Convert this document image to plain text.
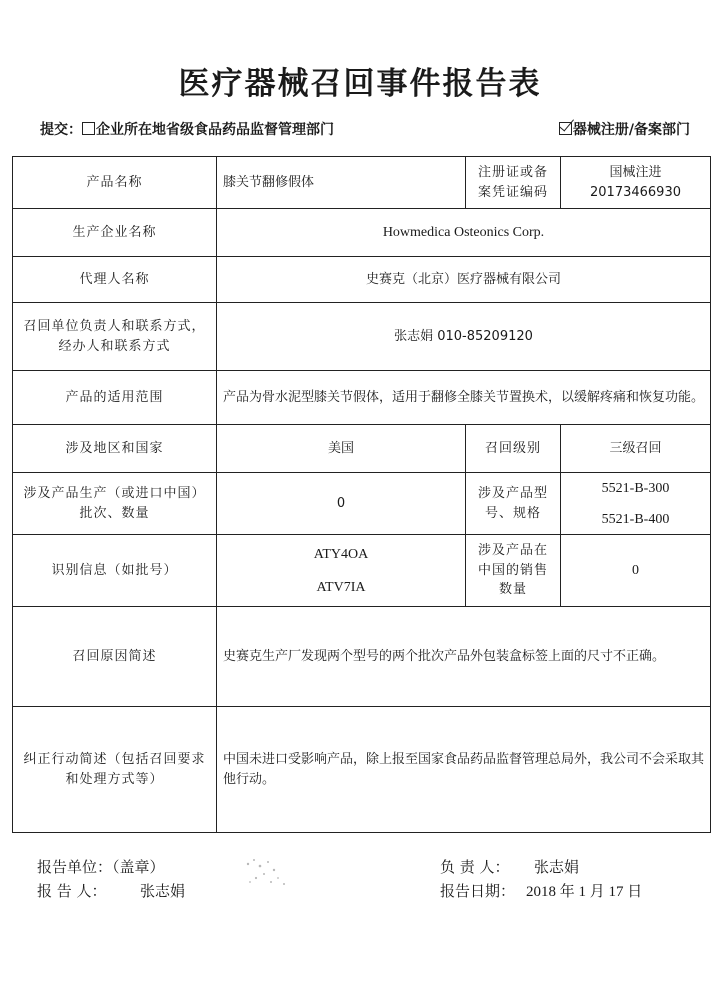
医疗器械召回事件报告表
提交： 企业所在地省级食品药品监督管理部门	器械注册/备案部门
产品名称	膝关节翻修假体	注册证或备案凭证编码	国械注进 20173466930
生产企业名称	Howmedica Osteonics Corp.		
代理人名称	史赛克（北京）医疗器械有限公司		
召回单位负责人和联系方式，经办人和联系方式	张志娟 010-85209120		
产品的适用范围	产品为骨水泥型膝关节假体，适用于翻修全膝关节置换术，以缓解疼痛和恢复功能。		
涉及地区和国家	美国	召回级别	三级召回
涉及产品生产（或进口中国）批次、数量	0	涉及产品型号、规格	5521-B-300
5521-B-400

识别信息（如批号）	ATY4OA
ATV7IA	涉及产品在中国的销售数量	0
召回原因简述	史赛克生产厂发现两个型号的两个批次产品外包装盒标签上面的尺寸不正确。		
纠正行动简述（包括召回要求和处理方式等）	中国未进口受影响产品，除上报至国家食品药品监督管理总局外，我公司不会采取其他行动。		
报告单位：（盖章）
报 告 人： 张志娟
负 责 人： 张志娟
报告日期： 2018 年 1 月 17 日
